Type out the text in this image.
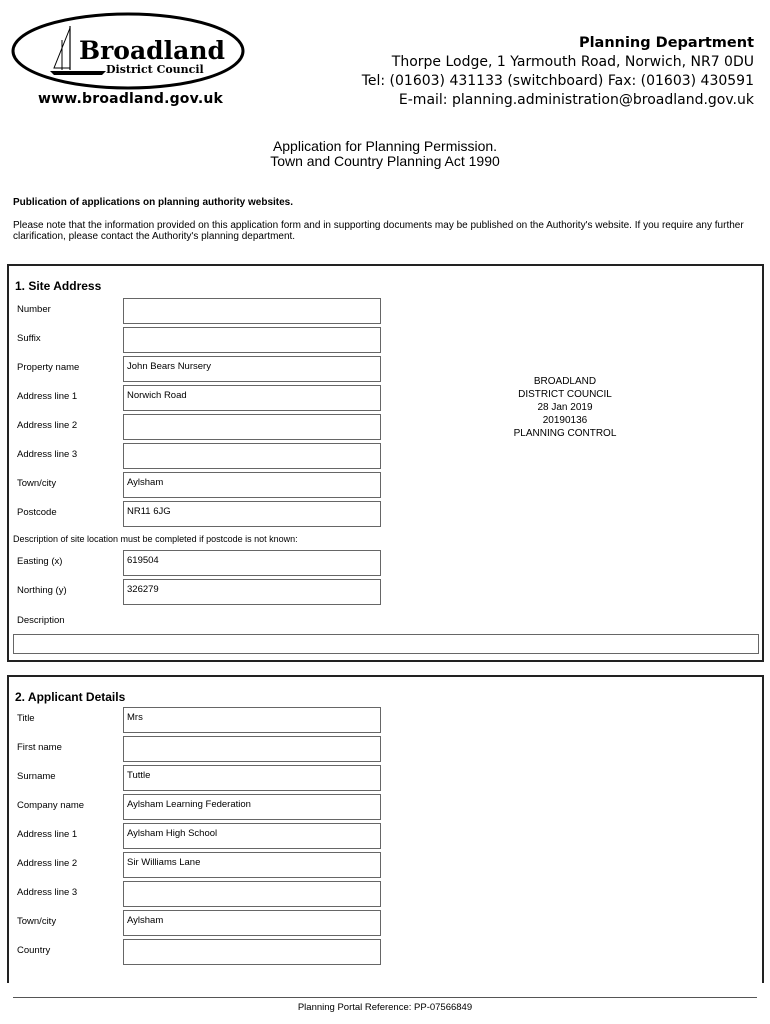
Broadland
District Council
www.broadland.gov.uk
Planning Department
Thorpe Lodge, 1 Yarmouth Road, Norwich, NR7 0DU
Tel: (01603) 431133 (switchboard) Fax: (01603) 430591
E-mail: planning.administration@broadland.gov.uk
Application for Planning Permission.
Town and Country Planning Act 1990
Publication of applications on planning authority websites.
Please note that the information provided on this application form and in supporting documents may be published on the Authority's website. If you require any further clarification, please contact the Authority's planning department.
1. Site Address
Number
Suffix
Property name	John Bears Nursery
Address line 1	Norwich Road
Address line 2
Address line 3
Town/city	Aylsham
Postcode	NR11 6JG
Description of site location must be completed if postcode is not known:
Easting (x)	619504
Northing (y)	326279
Description
BROADLAND
DISTRICT COUNCIL
28 Jan 2019
20190136
PLANNING CONTROL
2. Applicant Details
Title	Mrs
First name
Surname	Tuttle
Company name	Aylsham Learning Federation
Address line 1	Aylsham High School
Address line 2	Sir Williams Lane
Address line 3
Town/city	Aylsham
Country
Planning Portal Reference: PP-07566849
